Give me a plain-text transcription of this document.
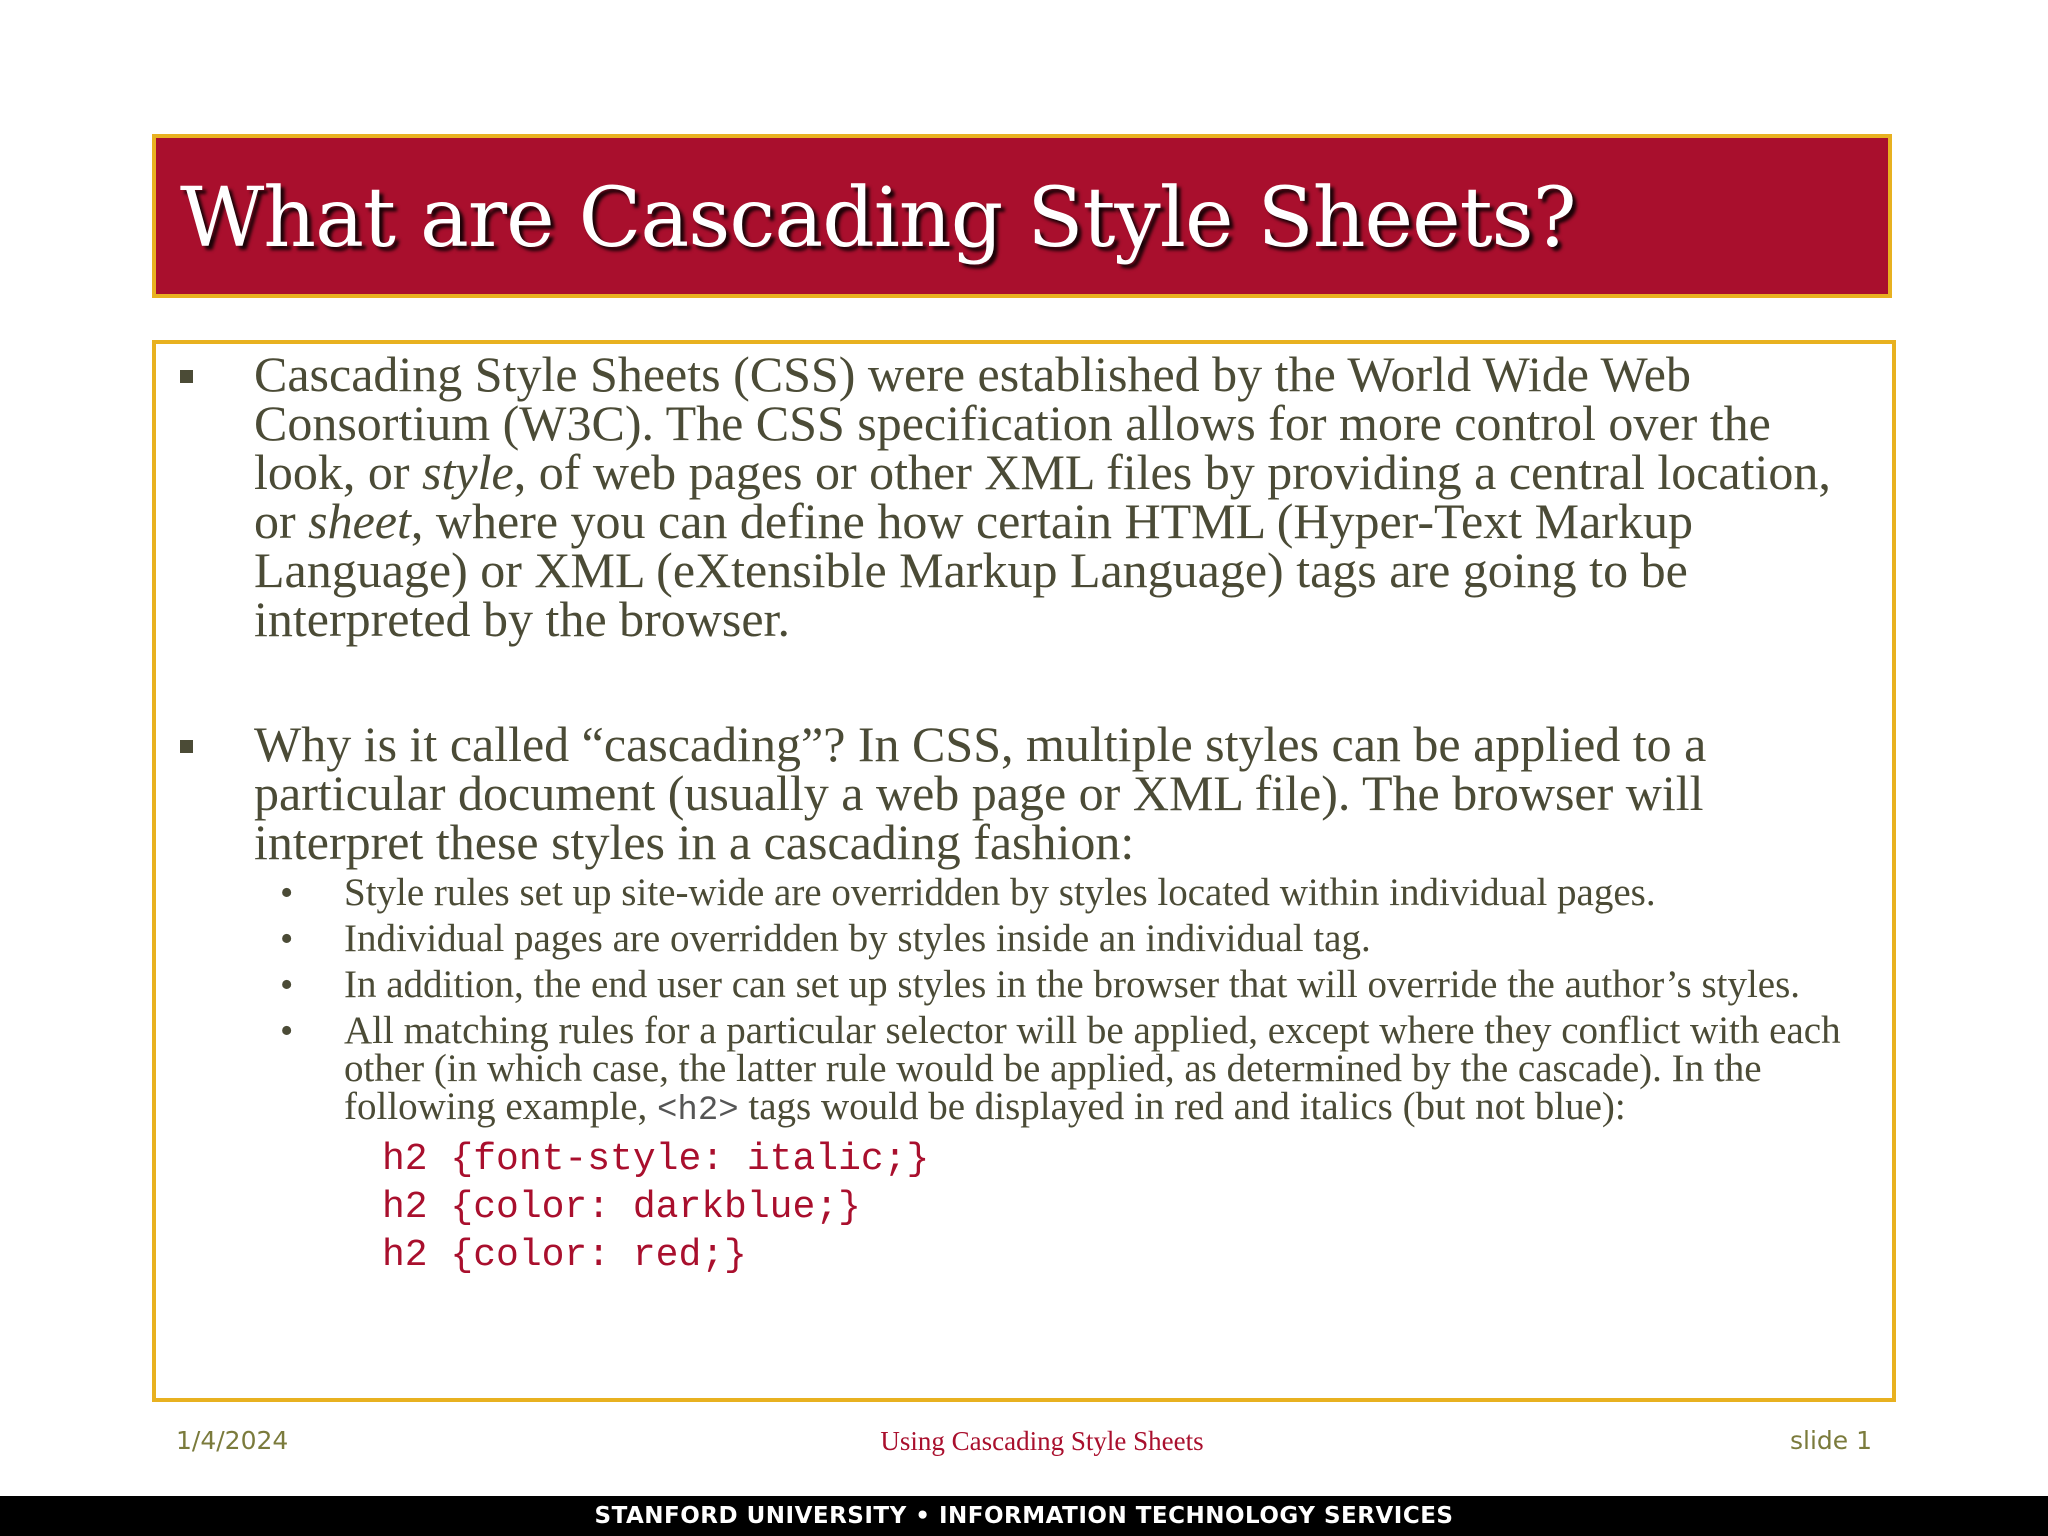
What are Cascading Style Sheets?
Cascading Style Sheets (CSS) were established by the World Wide Web Consortium (W3C). The CSS specification allows for more control over the look, or style, of web pages or other XML files by providing a central location, or sheet, where you can define how certain HTML (Hyper-Text Markup Language) or XML (eXtensible Markup Language) tags are going to be interpreted by the browser.
Why is it called “cascading”? In CSS, multiple styles can be applied to a particular document (usually a web page or XML file). The browser will interpret these styles in a cascading fashion:
• Style rules set up site-wide are overridden by styles located within individual pages.
• Individual pages are overridden by styles inside an individual tag.
• In addition, the end user can set up styles in the browser that will override the author’s styles.
• All matching rules for a particular selector will be applied, except where they conflict with each other (in which case, the latter rule would be applied, as determined by the cascade). In the following example, <h2> tags would be displayed in red and italics (but not blue):
h2 {font-style: italic;}
h2 {color: darkblue;}
h2 {color: red;}
1/4/2024	Using Cascading Style Sheets	slide 1
STANFORD UNIVERSITY • INFORMATION TECHNOLOGY SERVICES
